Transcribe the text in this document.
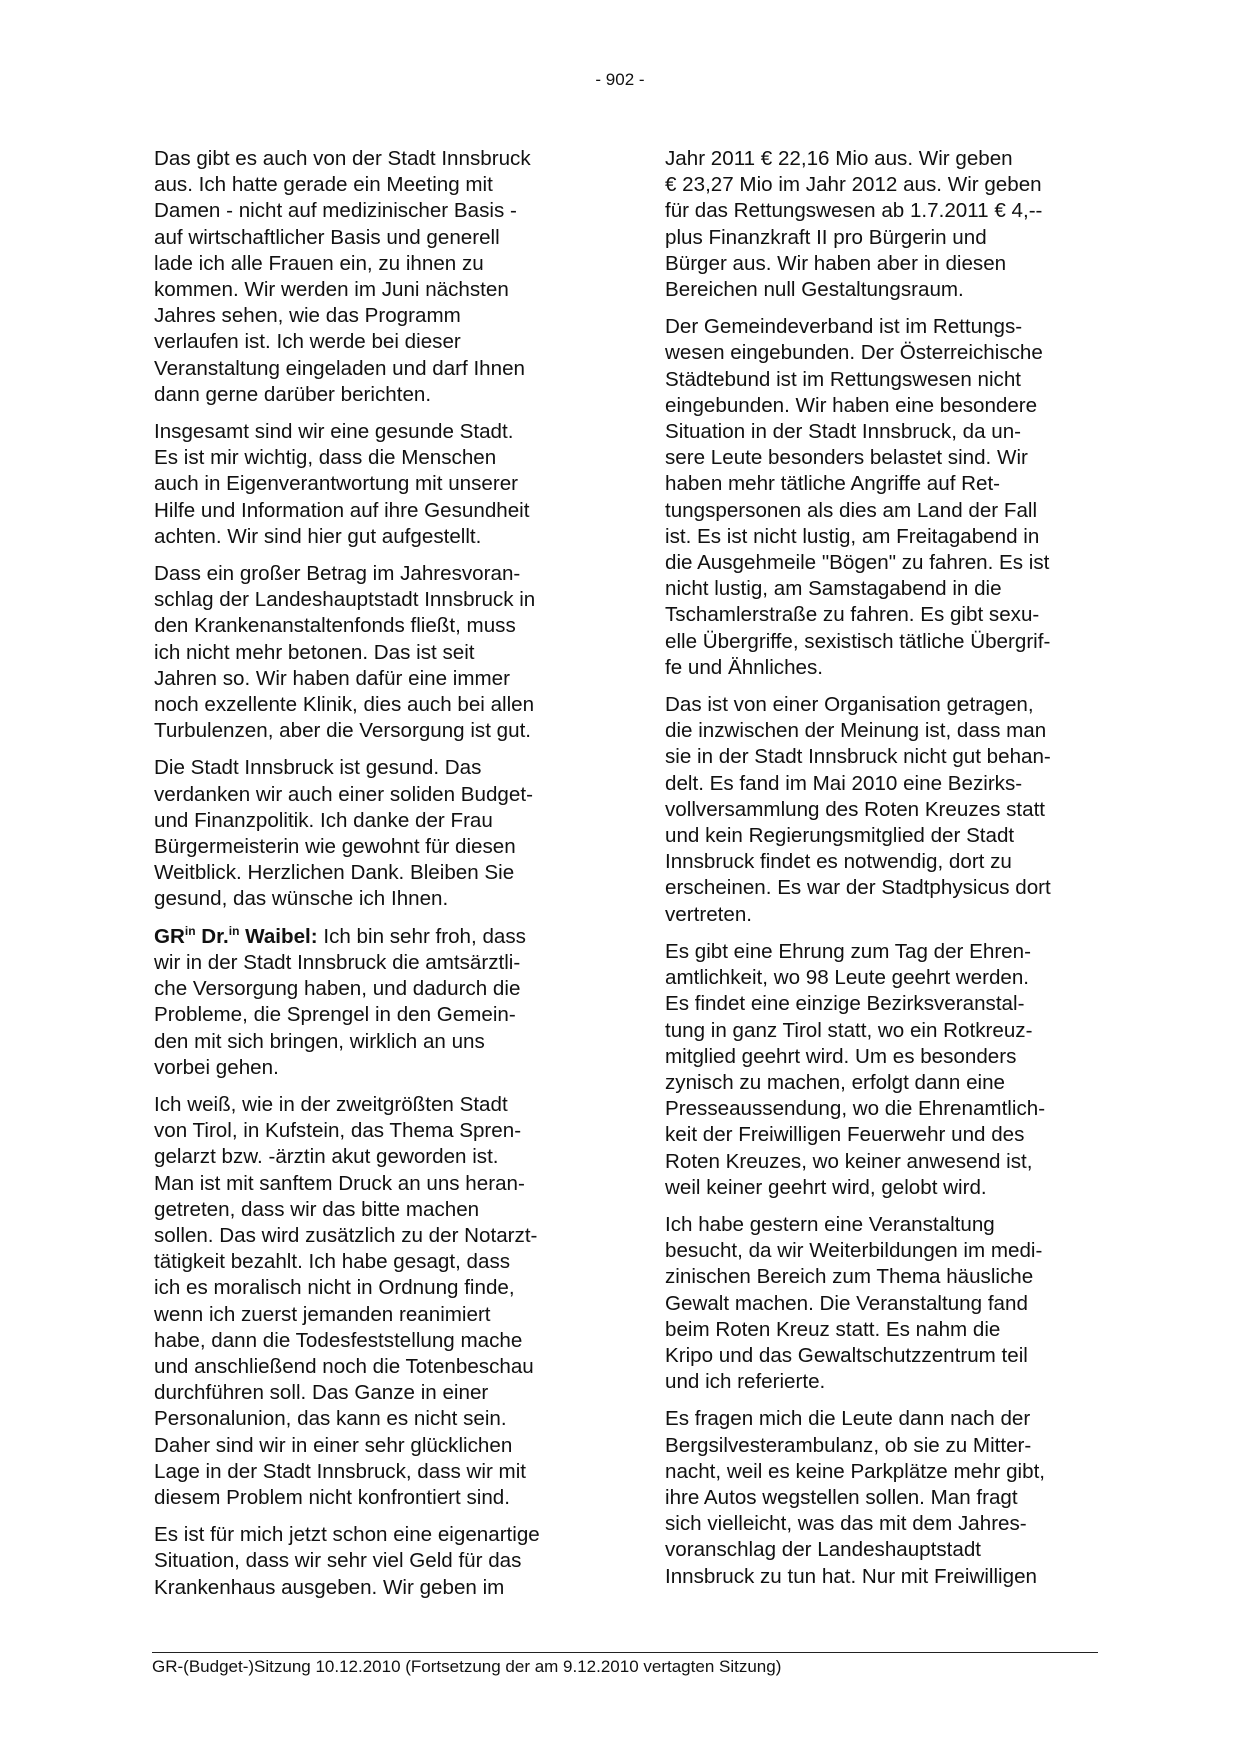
- 902 -

Das gibt es auch von der Stadt Innsbruck
aus. Ich hatte gerade ein Meeting mit
Damen - nicht auf medizinischer Basis -
auf wirtschaftlicher Basis und generell
lade ich alle Frauen ein, zu ihnen zu
kommen. Wir werden im Juni nächsten
Jahres sehen, wie das Programm
verlaufen ist. Ich werde bei dieser
Veranstaltung eingeladen und darf Ihnen
dann gerne darüber berichten.

Insgesamt sind wir eine gesunde Stadt.
Es ist mir wichtig, dass die Menschen
auch in Eigenverantwortung mit unserer
Hilfe und Information auf ihre Gesundheit
achten. Wir sind hier gut aufgestellt.

Dass ein großer Betrag im Jahresvoran-
schlag der Landeshauptstadt Innsbruck in
den Krankenanstaltenfonds fließt, muss
ich nicht mehr betonen. Das ist seit
Jahren so. Wir haben dafür eine immer
noch exzellente Klinik, dies auch bei allen
Turbulenzen, aber die Versorgung ist gut.

Die Stadt Innsbruck ist gesund. Das
verdanken wir auch einer soliden Budget-
und Finanzpolitik. Ich danke der Frau
Bürgermeisterin wie gewohnt für diesen
Weitblick. Herzlichen Dank. Bleiben Sie
gesund, das wünsche ich Ihnen.

$GR^{in}$ Dr.$^{in}$ Waibel: Ich bin sehr froh, dass
wir in der Stadt Innsbruck die amtsärztli-
che Versorgung haben, und dadurch die
Probleme, die Sprengel in den Gemein-
den mit sich bringen, wirklich an uns
vorbei gehen.

Ich weiß, wie in der zweitgrößten Stadt
von Tirol, in Kufstein, das Thema Spren-
gelarzt bzw. -ärztin akut geworden ist.
Man ist mit sanftem Druck an uns heran-
getreten, dass wir das bitte machen
sollen. Das wird zusätzlich zu der Notarzt-
tätigkeit bezahlt. Ich habe gesagt, dass
ich es moralisch nicht in Ordnung finde,
wenn ich zuerst jemanden reanimiert
habe, dann die Todesfeststellung mache
und anschließend noch die Totenbeschau
durchführen soll. Das Ganze in einer
Personalunion, das kann es nicht sein.
Daher sind wir in einer sehr glücklichen
Lage in der Stadt Innsbruck, dass wir mit
diesem Problem nicht konfrontiert sind.

Es ist für mich jetzt schon eine eigenartige
Situation, dass wir sehr viel Geld für das
Krankenhaus ausgeben. Wir geben im

Jahr 2011 € 22,16 Mio aus. Wir geben
€ 23,27 Mio im Jahr 2012 aus. Wir geben
für das Rettungswesen ab 1.7.2011 € 4,--
plus Finanzkraft II pro Bürgerin und
Bürger aus. Wir haben aber in diesen
Bereichen null Gestaltungsraum.

Der Gemeindeverband ist im Rettungs-
wesen eingebunden. Der Österreichische
Städtebund ist im Rettungswesen nicht
eingebunden. Wir haben eine besondere
Situation in der Stadt Innsbruck, da un-
sere Leute besonders belastet sind. Wir
haben mehr tätliche Angriffe auf Ret-
tungspersonen als dies am Land der Fall
ist. Es ist nicht lustig, am Freitagabend in
die Ausgehmeile "Bögen" zu fahren. Es ist
nicht lustig, am Samstagabend in die
Tschamlerstraße zu fahren. Es gibt sexu-
elle Übergriffe, sexistisch tätliche Übergrif-
fe und Ähnliches.

Das ist von einer Organisation getragen,
die inzwischen der Meinung ist, dass man
sie in der Stadt Innsbruck nicht gut behan-
delt. Es fand im Mai 2010 eine Bezirks-
vollversammlung des Roten Kreuzes statt
und kein Regierungsmitglied der Stadt
Innsbruck findet es notwendig, dort zu
erscheinen. Es war der Stadtphysicus dort
vertreten.

Es gibt eine Ehrung zum Tag der Ehren-
amtlichkeit, wo 98 Leute geehrt werden.
Es findet eine einzige Bezirksveranstal-
tung in ganz Tirol statt, wo ein Rotkreuz-
mitglied geehrt wird. Um es besonders
zynisch zu machen, erfolgt dann eine
Presseaussendung, wo die Ehrenamtlich-
keit der Freiwilligen Feuerwehr und des
Roten Kreuzes, wo keiner anwesend ist,
weil keiner geehrt wird, gelobt wird.

Ich habe gestern eine Veranstaltung
besucht, da wir Weiterbildungen im medi-
zinischen Bereich zum Thema häusliche
Gewalt machen. Die Veranstaltung fand
beim Roten Kreuz statt. Es nahm die
Kripo und das Gewaltschutzzentrum teil
und ich referierte.

Es fragen mich die Leute dann nach der
Bergsilvesterambulanz, ob sie zu Mitter-
nacht, weil es keine Parkplätze mehr gibt,
ihre Autos wegstellen sollen. Man fragt
sich vielleicht, was das mit dem Jahres-
voranschlag der Landeshauptstadt
Innsbruck zu tun hat. Nur mit Freiwilligen

GR-(Budget-)Sitzung 10.12.2010 (Fortsetzung der am 9.12.2010 vertagten Sitzung)
